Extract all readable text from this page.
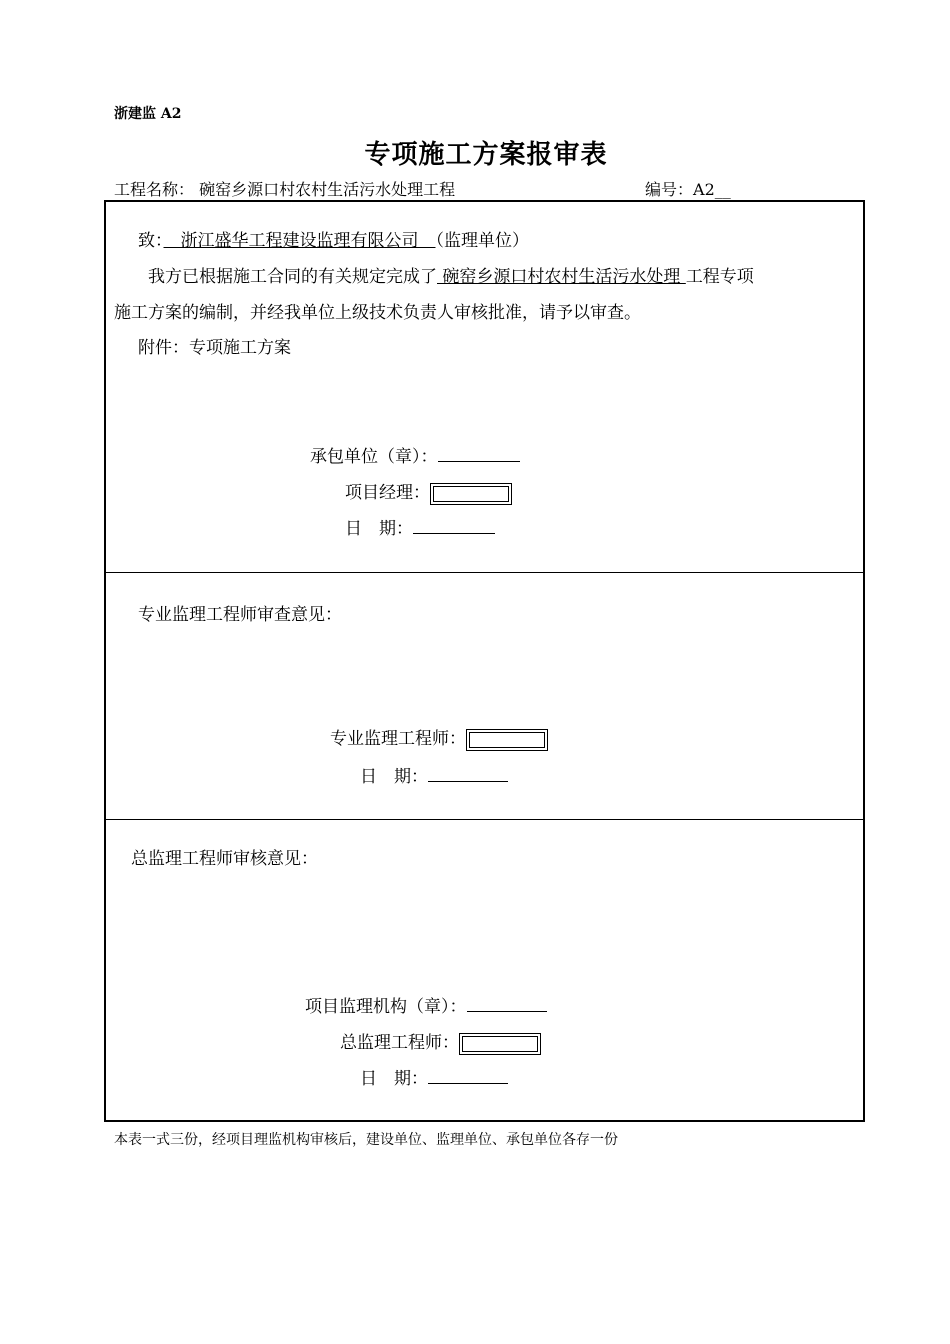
浙建监 A2
专项施工方案报审表
工程名称： 碗窑乡源口村农村生活污水处理工程	编号：A2__
致：　浙江盛华工程建设监理有限公司　（监理单位）
我方已根据施工合同的有关规定完成了 碗窑乡源口村农村生活污水处理 工程专项
施工方案的编制，并经我单位上级技术负责人审核批准，请予以审查。
附件：专项施工方案
承包单位（章）：
项目经理：
日　期：
专业监理工程师审查意见：
专业监理工程师：
日　期：
总监理工程师审核意见：
项目监理机构（章）：
总监理工程师：
日　期：
本表一式三份，经项目理监机构审核后，建设单位、监理单位、承包单位各存一份
